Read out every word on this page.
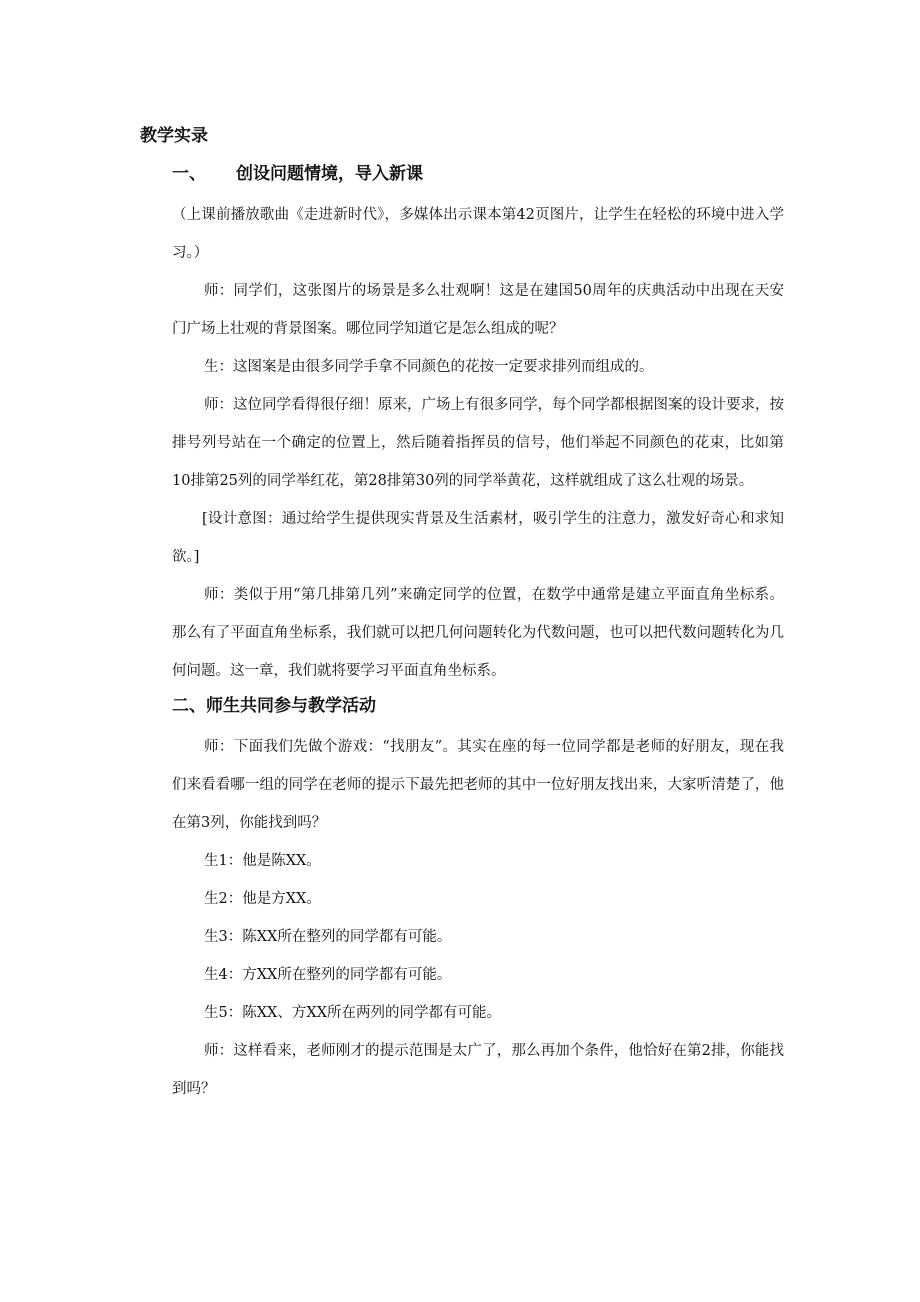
教学实录
一、 创设问题情境，导入新课

（上课前播放歌曲《走进新时代》，多媒体出示课本第42页图片，让学生在轻松的环境中进入学习。）

师：同学们，这张图片的场景是多么壮观啊！这是在建国50周年的庆典活动中出现在天安门广场上壮观的背景图案。哪位同学知道它是怎么组成的呢？

生：这图案是由很多同学手拿不同颜色的花按一定要求排列而组成的。

师：这位同学看得很仔细！原来，广场上有很多同学，每个同学都根据图案的设计要求，按排号列号站在一个确定的位置上，然后随着指挥员的信号，他们举起不同颜色的花束，比如第10排第25列的同学举红花，第28排第30列的同学举黄花，这样就组成了这么壮观的场景。

[设计意图：通过给学生提供现实背景及生活素材，吸引学生的注意力，激发好奇心和求知欲。]

师：类似于用“第几排第几列”来确定同学的位置，在数学中通常是建立平面直角坐标系。那么有了平面直角坐标系，我们就可以把几何问题转化为代数问题，也可以把代数问题转化为几何问题。这一章，我们就将要学习平面直角坐标系。

二、师生共同参与教学活动

师：下面我们先做个游戏：“找朋友”。其实在座的每一位同学都是老师的好朋友，现在我们来看看哪一组的同学在老师的提示下最先把老师的其中一位好朋友找出来，大家听清楚了，他在第3列，你能找到吗？

生1：他是陈XX。

生2：他是方XX。

生3：陈XX所在整列的同学都有可能。

生4：方XX所在整列的同学都有可能。

生5：陈XX、方XX所在两列的同学都有可能。

师：这样看来，老师刚才的提示范围是太广了，那么再加个条件，他恰好在第2排，你能找到吗？
